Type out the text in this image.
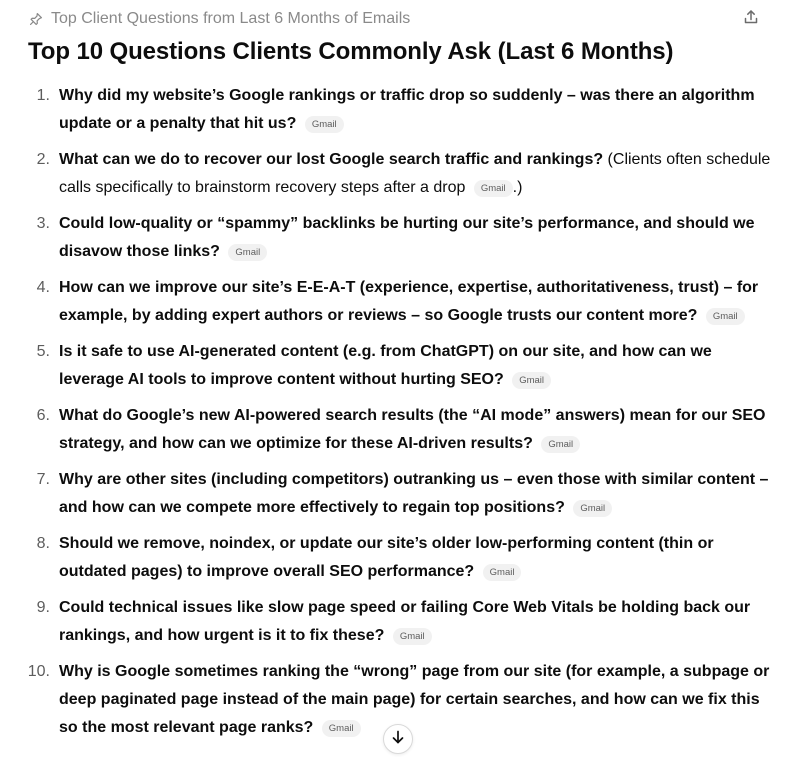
Top Client Questions from Last 6 Months of Emails
Top 10 Questions Clients Commonly Ask (Last 6 Months)
1. Why did my website’s Google rankings or traffic drop so suddenly – was there an algorithm update or a penalty that hit us? Gmail
2. What can we do to recover our lost Google search traffic and rankings? (Clients often schedule calls specifically to brainstorm recovery steps after a drop Gmail .)
3. Could low-quality or “spammy” backlinks be hurting our site’s performance, and should we disavow those links? Gmail
4. How can we improve our site’s E-E-A-T (experience, expertise, authoritativeness, trust) – for example, by adding expert authors or reviews – so Google trusts our content more? Gmail
5. Is it safe to use AI-generated content (e.g. from ChatGPT) on our site, and how can we leverage AI tools to improve content without hurting SEO? Gmail
6. What do Google’s new AI-powered search results (the “AI mode” answers) mean for our SEO strategy, and how can we optimize for these AI-driven results? Gmail
7. Why are other sites (including competitors) outranking us – even those with similar content – and how can we compete more effectively to regain top positions? Gmail
8. Should we remove, noindex, or update our site’s older low-performing content (thin or outdated pages) to improve overall SEO performance? Gmail
9. Could technical issues like slow page speed or failing Core Web Vitals be holding back our rankings, and how urgent is it to fix these? Gmail
10. Why is Google sometimes ranking the “wrong” page from our site (for example, a subpage or deep paginated page instead of the main page) for certain searches, and how can we fix this so the most relevant page ranks? Gmail
